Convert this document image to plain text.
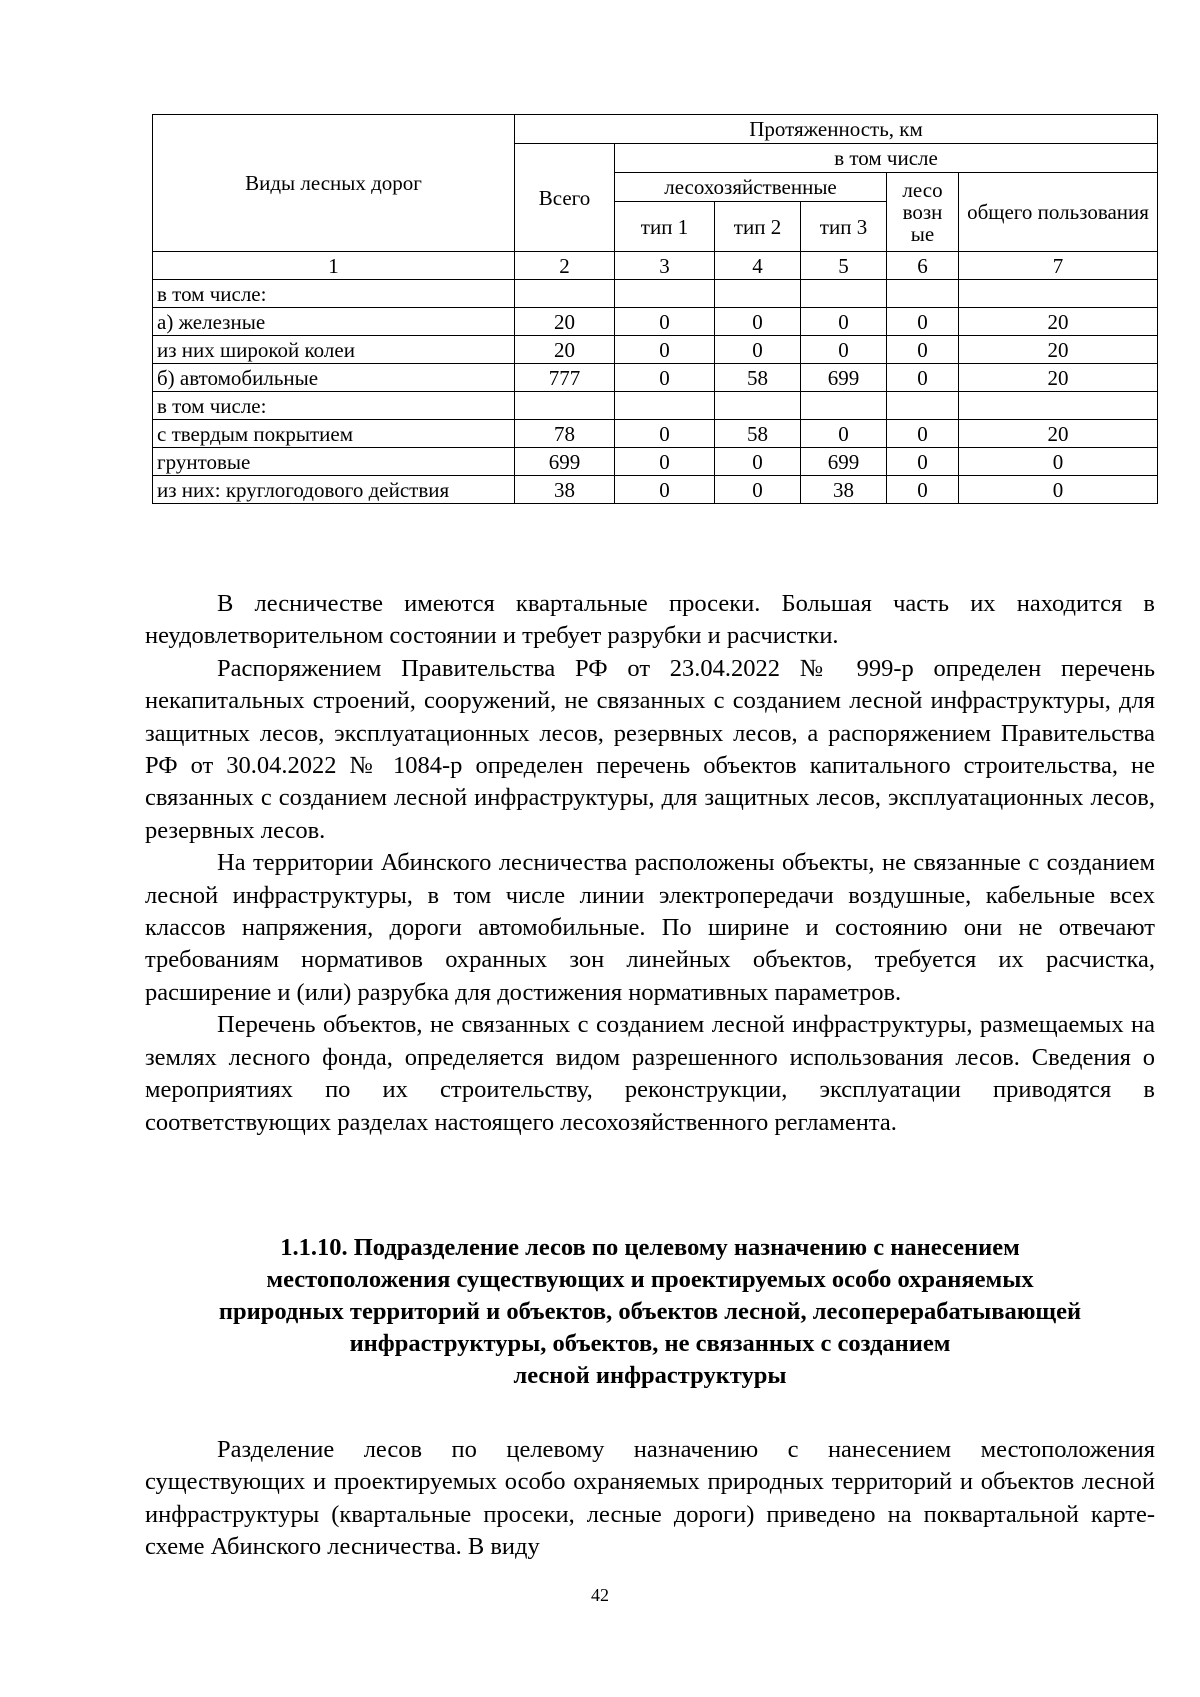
Виды лесных дорог	Протяженность, км					
	Всего	в том числе				
		лесохозяйственные			лесо возн ые	общего пользования
		тип 1	тип 2	тип 3		
1	2	3	4	5	6	7
в том числе:						
а) железные	20	0	0	0	0	20
из них широкой колеи	20	0	0	0	0	20
б) автомобильные	777	0	58	699	0	20
в том числе:						
с твердым покрытием	78	0	58	0	0	20
грунтовые	699	0	0	699	0	0
из них: круглогодового действия	38	0	0	38	0	0

В лесничестве имеются квартальные просеки. Большая часть их находится в неудовлетворительном состоянии и требует разрубки и расчистки.

Распоряжением Правительства РФ от 23.04.2022 № 999-р определен перечень некапитальных строений, сооружений, не связанных с созданием лесной инфраструктуры, для защитных лесов, эксплуатационных лесов, резервных лесов, а распоряжением Правительства РФ от 30.04.2022 № 1084-р определен перечень объектов капитального строительства, не связанных с созданием лесной инфраструктуры, для защитных лесов, эксплуатационных лесов, резервных лесов.

На территории Абинского лесничества расположены объекты, не связанные с созданием лесной инфраструктуры, в том числе линии электропередачи воздушные, кабельные всех классов напряжения, дороги автомобильные. По ширине и состоянию они не отвечают требованиям нормативов охранных зон линейных объектов, требуется их расчистка, расширение и (или) разрубка для достижения нормативных параметров.

Перечень объектов, не связанных с созданием лесной инфраструктуры, размещаемых на землях лесного фонда, определяется видом разрешенного использования лесов. Сведения о мероприятиях по их строительству, реконструкции, эксплуатации приводятся в соответствующих разделах настоящего лесохозяйственного регламента.

1.1.10. Подразделение лесов по целевому назначению с нанесением
местоположения существующих и проектируемых особо охраняемых
природных территорий и объектов, объектов лесной, лесоперерабатывающей
инфраструктуры, объектов, не связанных с созданием
лесной инфраструктуры

Разделение лесов по целевому назначению с нанесением местоположения существующих и проектируемых особо охраняемых природных территорий и объектов лесной инфраструктуры (квартальные просеки, лесные дороги) приведено на поквартальной карте-схеме Абинского лесничества. В виду

42
